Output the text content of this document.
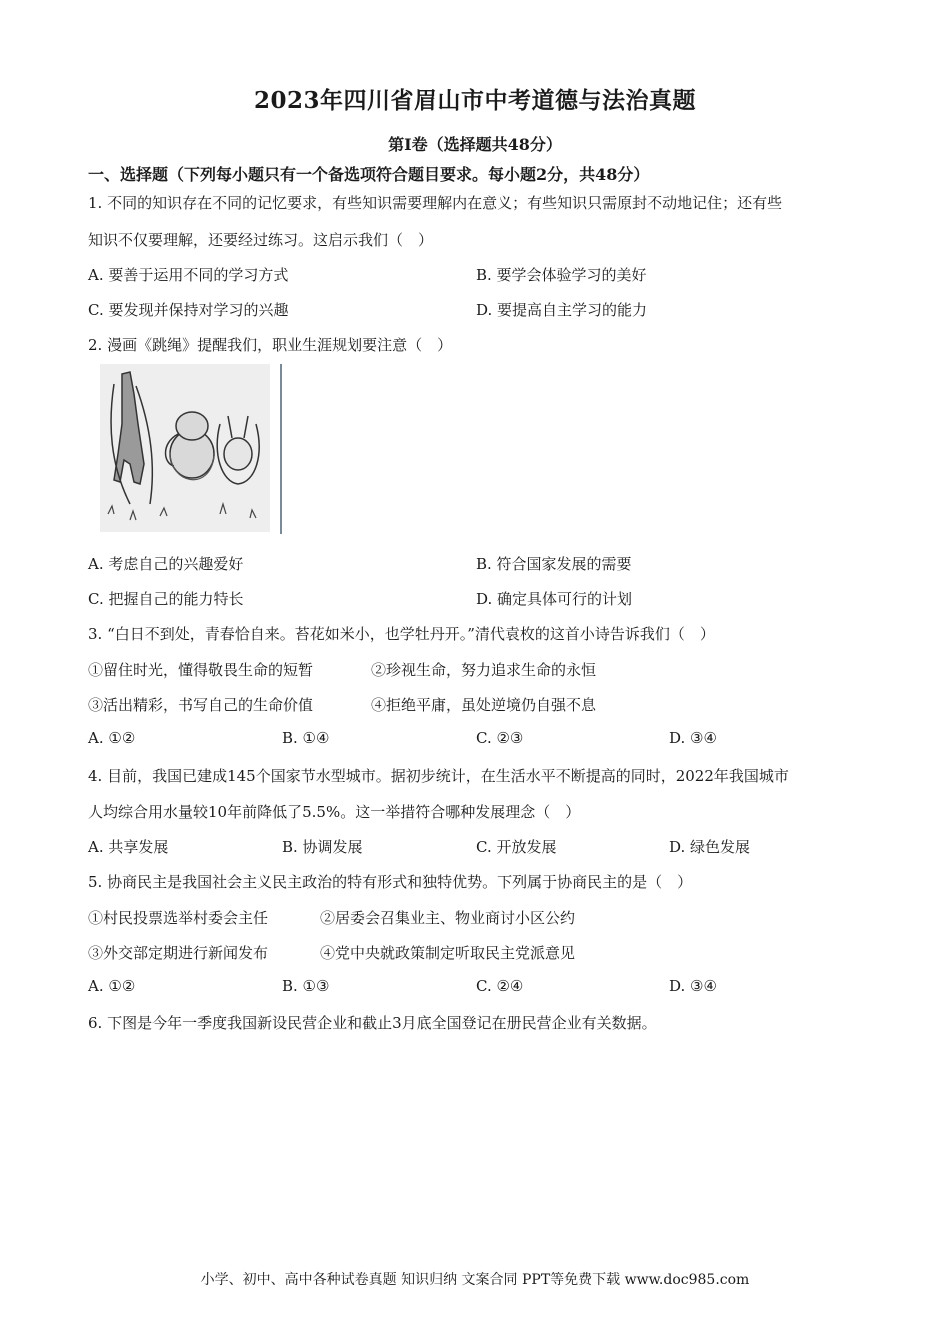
2023年四川省眉山市中考道德与法治真题
第I卷（选择题共48分）
一、选择题（下列每小题只有一个备选项符合题目要求。每小题2分，共48分）
1. 不同的知识存在不同的记忆要求，有些知识需要理解内在意义；有些知识只需原封不动地记住；还有些
知识不仅要理解，还要经过练习。这启示我们（　）
A. 要善于运用不同的学习方式	B. 要学会体验学习的美好
C. 要发现并保持对学习的兴趣	D. 要提高自主学习的能力
2. 漫画《跳绳》提醒我们，职业生涯规划要注意（　）
A. 考虑自己的兴趣爱好	B. 符合国家发展的需要
C. 把握自己的能力特长	D. 确定具体可行的计划
3. “白日不到处，青春恰自来。苔花如米小，也学牡丹开。”清代袁枚的这首小诗告诉我们（　）
①留住时光，懂得敬畏生命的短暂	②珍视生命，努力追求生命的永恒
③活出精彩，书写自己的生命价值	④拒绝平庸，虽处逆境仍自强不息
A. ①②	B. ①④	C. ②③	D. ③④
4. 目前，我国已建成145个国家节水型城市。据初步统计，在生活水平不断提高的同时，2022年我国城市
人均综合用水量较10年前降低了5.5%。这一举措符合哪种发展理念（　）
A. 共享发展	B. 协调发展	C. 开放发展	D. 绿色发展
5. 协商民主是我国社会主义民主政治的特有形式和独特优势。下列属于协商民主的是（　）
①村民投票选举村委会主任	②居委会召集业主、物业商讨小区公约
③外交部定期进行新闻发布	④党中央就政策制定听取民主党派意见
A. ①②	B. ①③	C. ②④	D. ③④
6. 下图是今年一季度我国新设民营企业和截止3月底全国登记在册民营企业有关数据。
小学、初中、高中各种试卷真题 知识归纳 文案合同 PPT等免费下载 www.doc985.com
